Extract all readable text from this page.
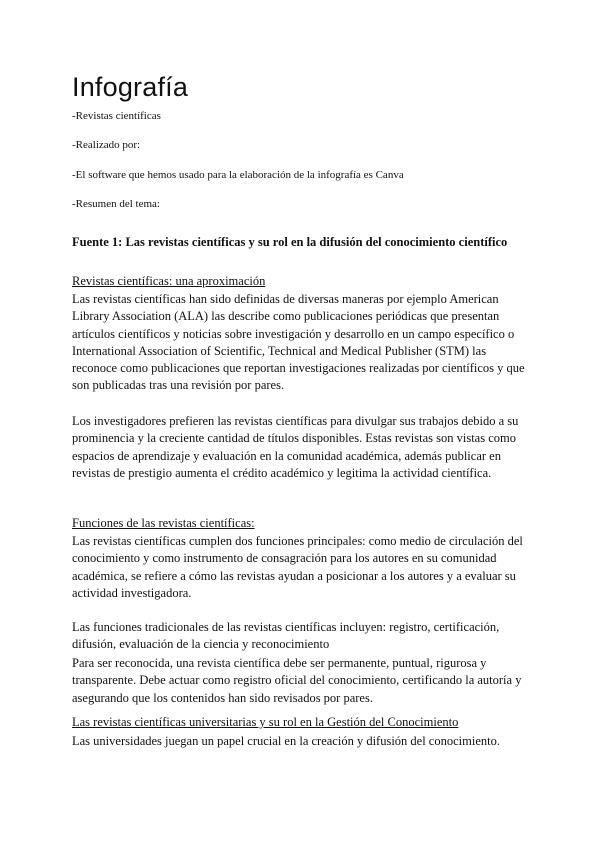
Infografía
-Revistas científicas
-Realizado por:
-El software que hemos usado para la elaboración de la infografía es Canva
-Resumen del tema:
Fuente 1: Las revistas científicas y su rol en la difusión del conocimiento científico
Revistas científicas: una aproximación
Las revistas científicas han sido definidas de diversas maneras por ejemplo American Library Association (ALA) las describe como publicaciones periódicas que presentan artículos científicos y noticias sobre investigación y desarrollo en un campo específico o International Association of Scientific, Technical and Medical Publisher (STM) las reconoce como publicaciones que reportan investigaciones realizadas por científicos y que son publicadas tras una revisión por pares.
Los investigadores prefieren las revistas científicas para divulgar sus trabajos debido a su prominencia y la creciente cantidad de títulos disponibles. Estas revistas son vistas como espacios de aprendizaje y evaluación en la comunidad académica, además publicar en revistas de prestigio aumenta el crédito académico y legitima la actividad científica.
Funciones de las revistas científicas:
Las revistas científicas cumplen dos funciones principales: como medio de circulación del conocimiento y como instrumento de consagración para los autores en su comunidad académica, se refiere a cómo las revistas ayudan a posicionar a los autores y a evaluar su actividad investigadora.
Las funciones tradicionales de las revistas científicas incluyen: registro, certificación, difusión, evaluación de la ciencia y reconocimiento
Para ser reconocida, una revista científica debe ser permanente, puntual, rigurosa y transparente. Debe actuar como registro oficial del conocimiento, certificando la autoría y asegurando que los contenidos han sido revisados por pares.
Las revistas científicas universitarias y su rol en la Gestión del Conocimiento
Las universidades juegan un papel crucial en la creación y difusión del conocimiento.
